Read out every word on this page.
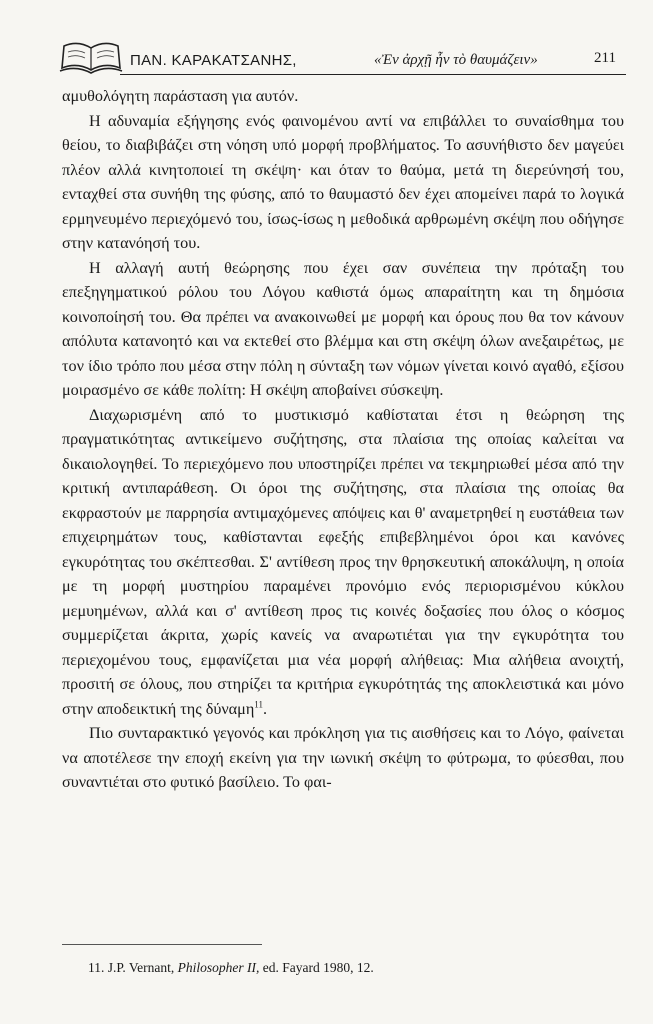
ΠΑΝ. ΚΑΡΑΚΑΤΣΑΝΗΣ,	«Ἐν ἀρχῇ ἦν τὸ θαυμάζειν»	211

αμυθολόγητη παράσταση για αυτόν.

Η αδυναμία εξήγησης ενός φαινομένου αντί να επιβάλλει το συναίσθημα του θείου, το διαβιβάζει στη νόηση υπό μορφή προβλήματος. Το ασυνήθιστο δεν μαγεύει πλέον αλλά κινητοποιεί τη σκέψη· και όταν το θαύμα, μετά τη διερεύνησή του, ενταχθεί στα συνήθη της φύσης, από το θαυμαστό δεν έχει απομείνει παρά το λογικά ερμηνευμένο περιεχόμενό του, ίσως-ίσως η μεθοδικά αρθρωμένη σκέψη που οδήγησε στην κατανόησή του.

Η αλλαγή αυτή θεώρησης που έχει σαν συνέπεια την πρόταξη του επεξηγηματικού ρόλου του Λόγου καθιστά όμως απαραίτητη και τη δημόσια κοινοποίησή του. Θα πρέπει να ανακοινωθεί με μορφή και όρους που θα τον κάνουν απόλυτα κατανοητό και να εκτεθεί στο βλέμμα και στη σκέψη όλων ανεξαιρέτως, με τον ίδιο τρόπο που μέσα στην πόλη η σύνταξη των νόμων γίνεται κοινό αγαθό, εξίσου μοιρασμένο σε κάθε πολίτη: Η σκέψη αποβαίνει σύσκεψη.

Διαχωρισμένη από το μυστικισμό καθίσταται έτσι η θεώρηση της πραγματικότητας αντικείμενο συζήτησης, στα πλαίσια της οποίας καλείται να δικαιολογηθεί. Το περιεχόμενο που υποστηρίζει πρέπει να τεκμηριωθεί μέσα από την κριτική αντιπαράθεση. Οι όροι της συζήτησης, στα πλαίσια της οποίας θα εκφραστούν με παρρησία αντιμαχόμενες απόψεις και θ' αναμετρηθεί η ευστάθεια των επιχειρημάτων τους, καθίστανται εφεξής επιβεβλημένοι όροι και κανόνες εγκυρότητας του σκέπτεσθαι. Σ' αντίθεση προς την θρησκευτική αποκάλυψη, η οποία με τη μορφή μυστηρίου παραμένει προνόμιο ενός περιορισμένου κύκλου μεμυημένων, αλλά και σ' αντίθεση προς τις κοινές δοξασίες που όλος ο κόσμος συμμερίζεται άκριτα, χωρίς κανείς να αναρωτιέται για την εγκυρότητα του περιεχομένου τους, εμφανίζεται μια νέα μορφή αλήθειας: Μια αλήθεια ανοιχτή, προσιτή σε όλους, που στηρίζει τα κριτήρια εγκυρότητάς της αποκλειστικά και μόνο στην αποδεικτική της δύναμη$^{11}$.

Πιο συνταρακτικό γεγονός και πρόκληση για τις αισθήσεις και το Λόγο, φαίνεται να αποτέλεσε την εποχή εκείνη για την ιωνική σκέψη το φύτρωμα, το φύεσθαι, που συναντιέται στο φυτικό βασίλειο. Το φαι-

11. J.P. Vernant, Philosopher II, ed. Fayard 1980, 12.
